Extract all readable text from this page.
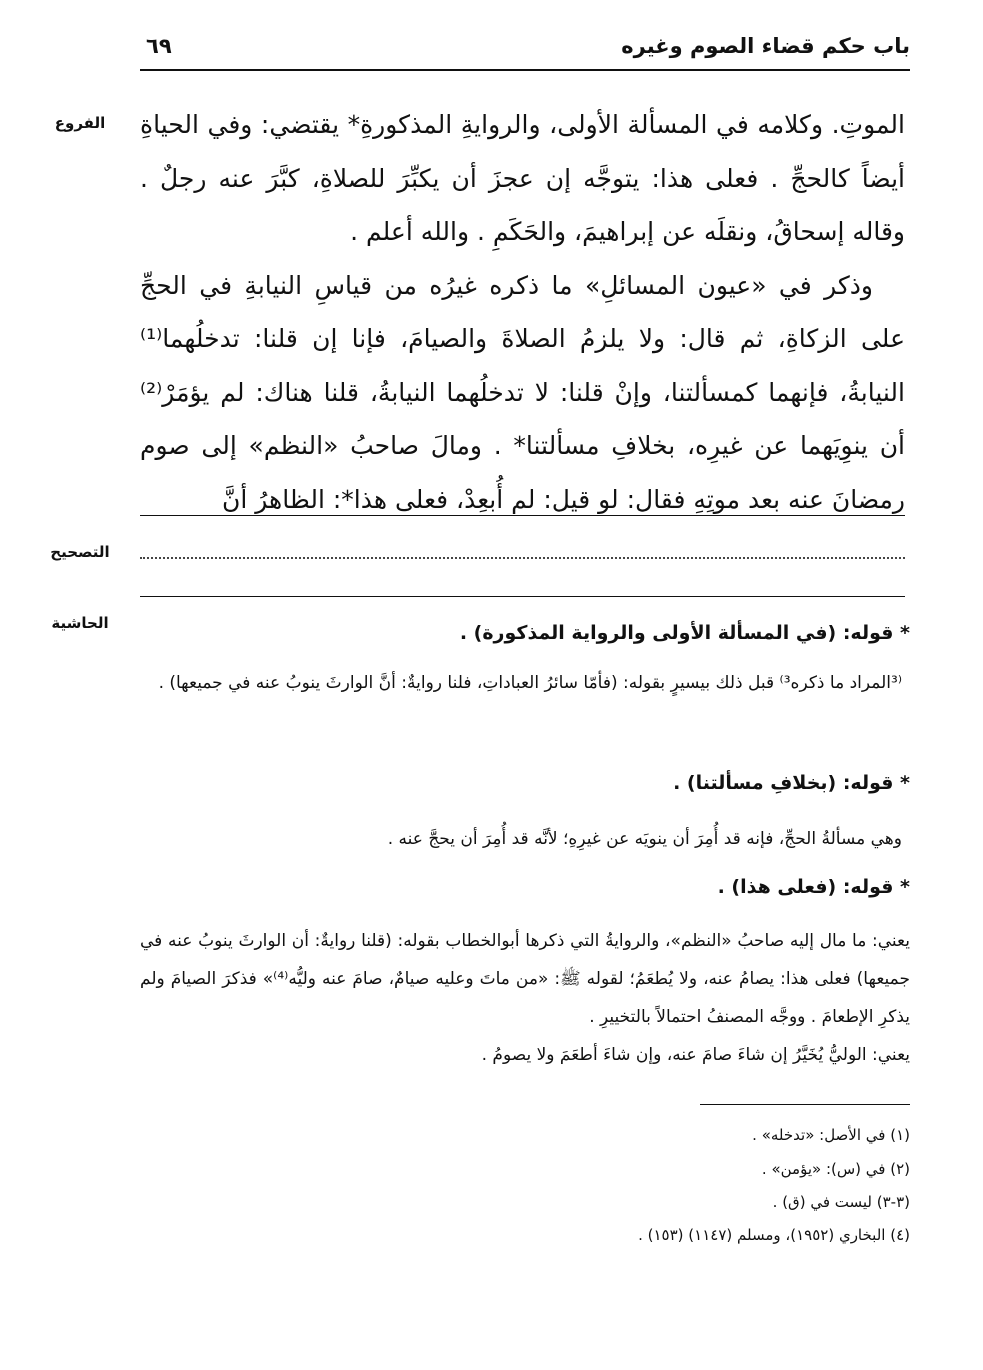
باب حكم قضاء الصوم وغيره
٦٩
الفروع
التصحيح
الحاشية

الموتِ. وكلامه في المسألة الأولى، والروايةِ المذكورةِ* يقتضي: وفي الحياةِ أيضاً كالحجِّ . فعلى هذا: يتوجَّه إن عجزَ أن يكبِّرَ للصلاةِ، كبَّرَ عنه رجلٌ . وقاله إسحاقُ، ونقلَه عن إبراهيمَ، والحَكَمِ . والله أعلم .

وذكر في «عيون المسائلِ» ما ذكره غيرُه من قياسِ النيابةِ في الحجِّ على الزكاةِ، ثم قال: ولا يلزمُ الصلاةَ والصيامَ، فإنا إن قلنا: تدخلُهما⁽¹⁾ النيابةُ، فإنهما كمسألتنا، وإنْ قلنا: لا تدخلُهما النيابةُ، قلنا هناك: لم يؤمَرْ⁽²⁾ أن ينوِيَهما عن غيرِه، بخلافِ مسألتنا* . ومالَ صاحبُ «النظم» إلى صوم رمضانَ عنه بعد موتِهِ فقال: لو قيل: لم أُبعِدْ، فعلى هذا*: الظاهرُ أنَّ

* قوله: (في المسألة الأولى والرواية المذكورة) .
⁽³المراد ما ذكره³⁾ قبل ذلك بيسيرٍ بقوله: (فأمّا سائرُ العباداتِ، فلنا روايةٌ: أنَّ الوارثَ ينوبُ عنه في جميعها) .
* قوله: (بخلافِ مسألتنا) .
وهي مسألةُ الحجِّ، فإنه قد أُمِرَ أن ينويَه عن غيرِهِ؛ لأنَّه قد أُمِرَ أن يحجَّ عنه .
* قوله: (فعلى هذا) .
يعني: ما مال إليه صاحبُ «النظم»، والروايةُ التي ذكرها أبوالخطاب بقوله: (قلنا روايةٌ: أن الوارثَ ينوبُ عنه في جميعها) فعلى هذا: يصامُ عنه، ولا يُطعَمُ؛ لقوله ﷺ: «من ماتَ وعليه صيامٌ، صامَ عنه وليُّه⁽⁴⁾» فذكرَ الصيامَ ولم يذكرِ الإطعامَ . ووجَّه المصنفُ احتمالاً بالتخييرِ .
يعني: الوليُّ يُخَيَّرُ إن شاءَ صامَ عنه، وإن شاءَ أطعَمَ ولا يصومُ .
(١) في الأصل: «تدخله» .
(٢) في (س): «يؤمن» .
(٣-٣) ليست في (ق) .
(٤) البخاري (١٩٥٢)، ومسلم (١١٤٧) (١٥٣) .
